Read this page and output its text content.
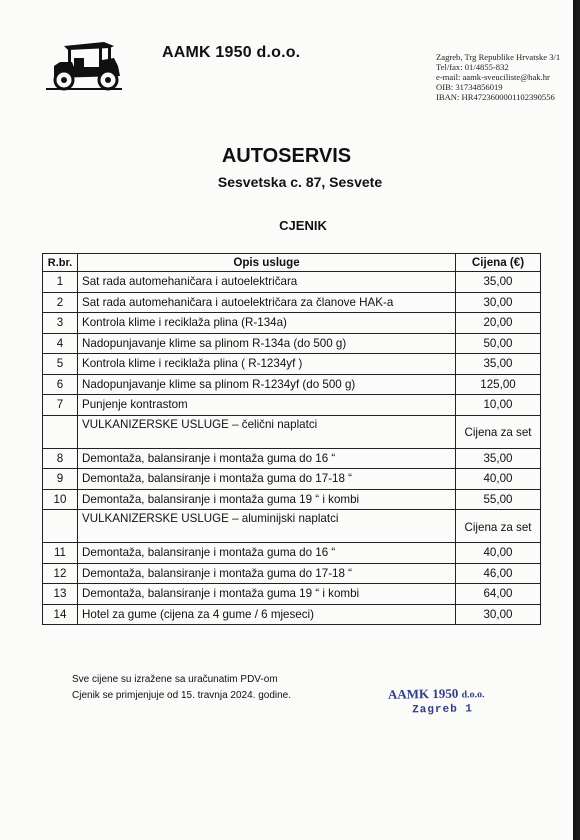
AAMK 1950 d.o.o.	Zagreb, Trg Republike Hrvatske 3/1
Tel/fax: 01/4855-832
e-mail: aamk-sveuciliste@hak.hr
OIB: 31734856019
IBAN: HR4723600001102390556
AUTOSERVIS
Sesvetska c. 87, Sesvete
CJENIK
R.br.	Opis usluge	Cijena (€)
1	Sat rada automehaničara i autoelektričara	35,00
2	Sat rada automehaničara i autoelektričara za članove HAK-a	30,00
3	Kontrola klime i reciklaža plina (R-134a)	20,00
4	Nadopunjavanje klime sa plinom R-134a (do 500 g)	50,00
5	Kontrola klime i reciklaža plina ( R-1234yf )	35,00
6	Nadopunjavanje klime sa plinom R-1234yf (do 500 g)	125,00
7	Punjenje kontrastom	10,00
	VULKANIZERSKE USLUGE – čelični naplatci	Cijena za set
8	Demontaža, balansiranje i montaža guma do 16 “	35,00
9	Demontaža, balansiranje i montaža guma do 17-18 “	40,00
10	Demontaža, balansiranje i montaža guma 19 “ i kombi	55,00
	VULKANIZERSKE USLUGE – aluminijski naplatci	Cijena za set
11	Demontaža, balansiranje i montaža guma do 16 “	40,00
12	Demontaža, balansiranje i montaža guma do 17-18 “	46,00
13	Demontaža, balansiranje i montaža guma 19 “ i kombi	64,00
14	Hotel za gume (cijena za 4 gume / 6 mjeseci)	30,00
Sve cijene su izražene sa uračunatim PDV-om
Cjenik se primjenjuje od 15. travnja 2024. godine.	AAMK 1950 d.o.o.
Zagreb 1
